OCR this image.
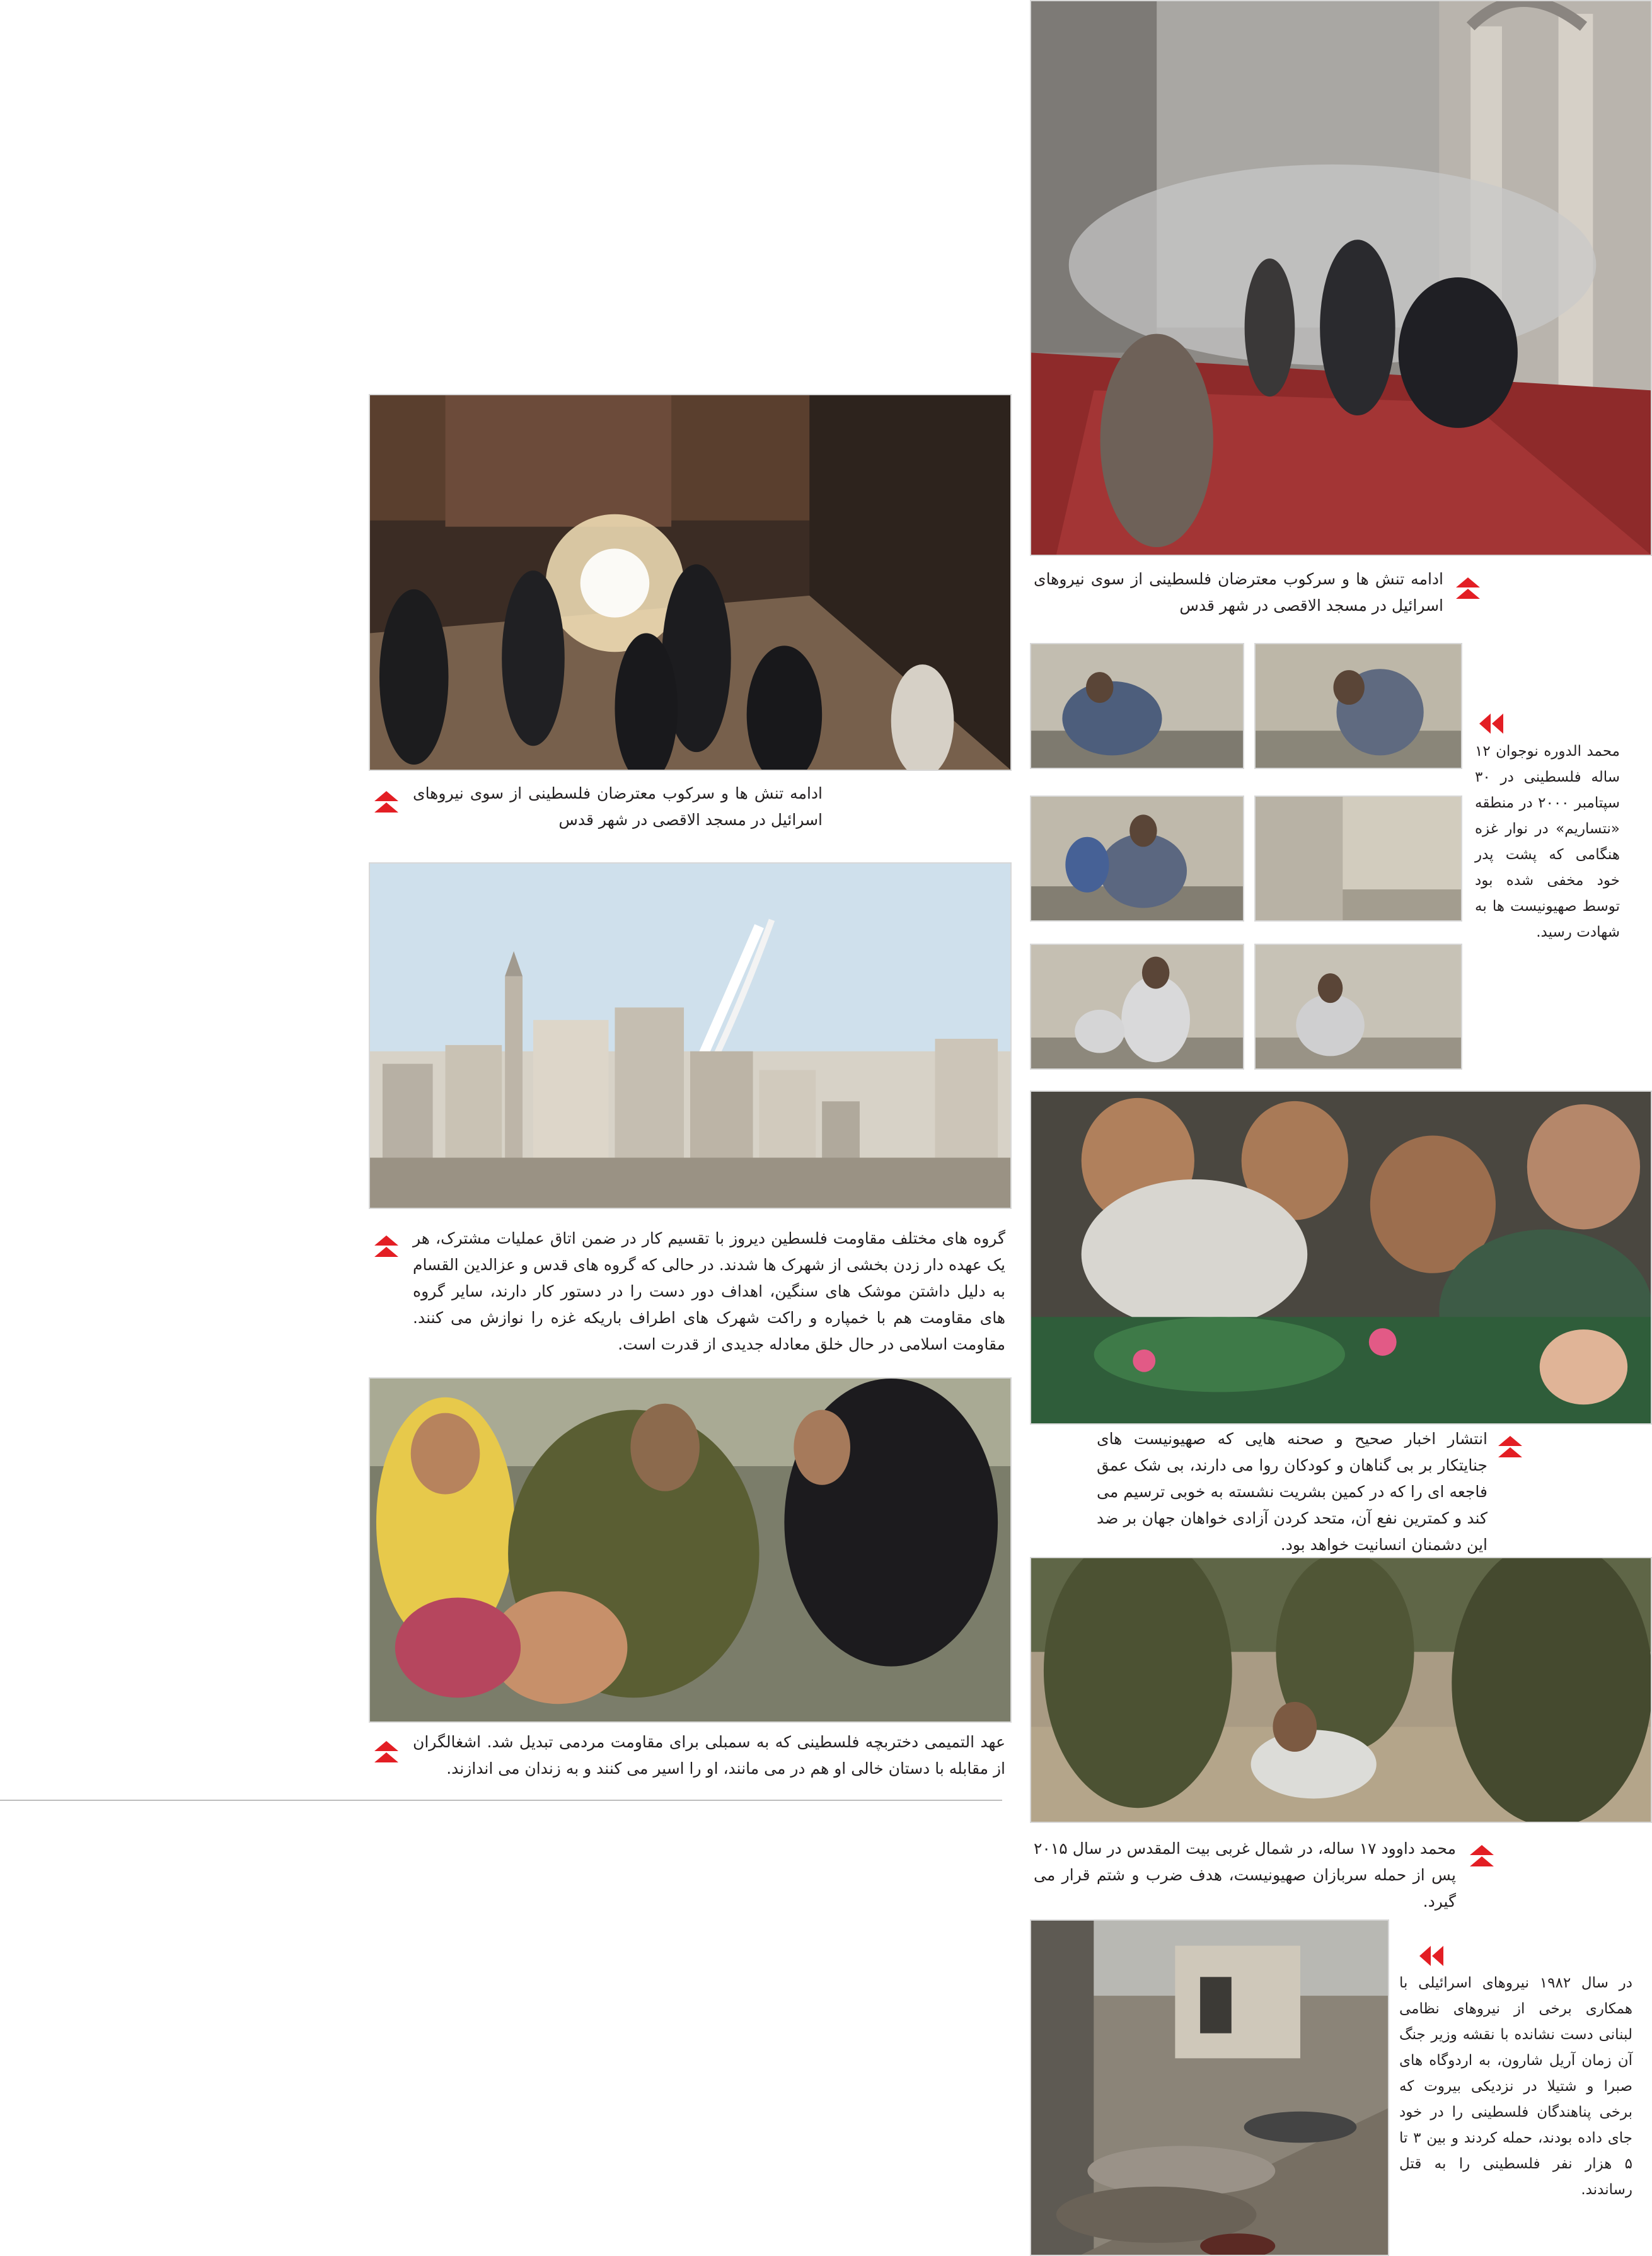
ادامه تنش ها و سرکوب معترضان فلسطینی از سوی نیروهای اسرائیل در مسجد الاقصی در شهر قدس
محمد الدوره نوجوان ۱۲ ساله فلسطینی در ۳۰ سپتامبر ۲۰۰۰ در منطقه «نتساریم» در نوار غزه هنگامی که پشت پدر خود مخفی شده بود توسط صهیونیست ها به شهادت رسید.
انتشار اخبار صحیح و صحنه هایی که صهیونیست های جنایتکار بر بی گناهان و کودکان روا می دارند، بی شک عمق فاجعه ای را که در کمین بشریت نشسته به خوبی ترسیم می کند و کمترین نفع آن، متحد کردن آزادی خواهان جهان بر ضد این دشمنان انسانیت خواهد بود.
محمد داوود ۱۷ ساله، در شمال غربی بیت المقدس در سال ۲۰۱۵ پس از حمله سربازان صهیونیست، هدف ضرب و شتم قرار می گیرد.
در سال ۱۹۸۲ نیروهای اسرائیلی با همکاری برخی از نیروهای نظامی لبنانی دست نشانده با نقشه وزیر جنگ آن زمان آریل شارون، به اردوگاه های صبرا و شتیلا در نزدیکی بیروت که برخی پناهندگان فلسطینی را در خود جای داده بودند، حمله کردند و بین ۳ تا ۵ هزار نفر فلسطینی را به قتل رساندند.
ادامه تنش ها و سرکوب معترضان فلسطینی از سوی نیروهای اسرائیل در مسجد الاقصی در شهر قدس
گروه های مختلف مقاومت فلسطین دیروز با تقسیم کار در ضمن اتاق عملیات مشترک، هر یک عهده دار زدن بخشی از شهرک ها شدند. در حالی که گروه های قدس و عزالدین القسام به دلیل داشتن موشک های سنگین، اهداف دور دست را در دستور کار دارند، سایر گروه های مقاومت هم با خمپاره و راکت شهرک های اطراف باریکه غزه را نوازش می کنند. مقاومت اسلامی در حال خلق معادله جدیدی از قدرت است.
عهد التمیمی دختربچه فلسطینی که به سمبلی برای مقاومت مردمی تبدیل شد. اشغالگران از مقابله با دستان خالی او هم در می مانند، او را اسیر می کنند و به زندان می اندازند.
